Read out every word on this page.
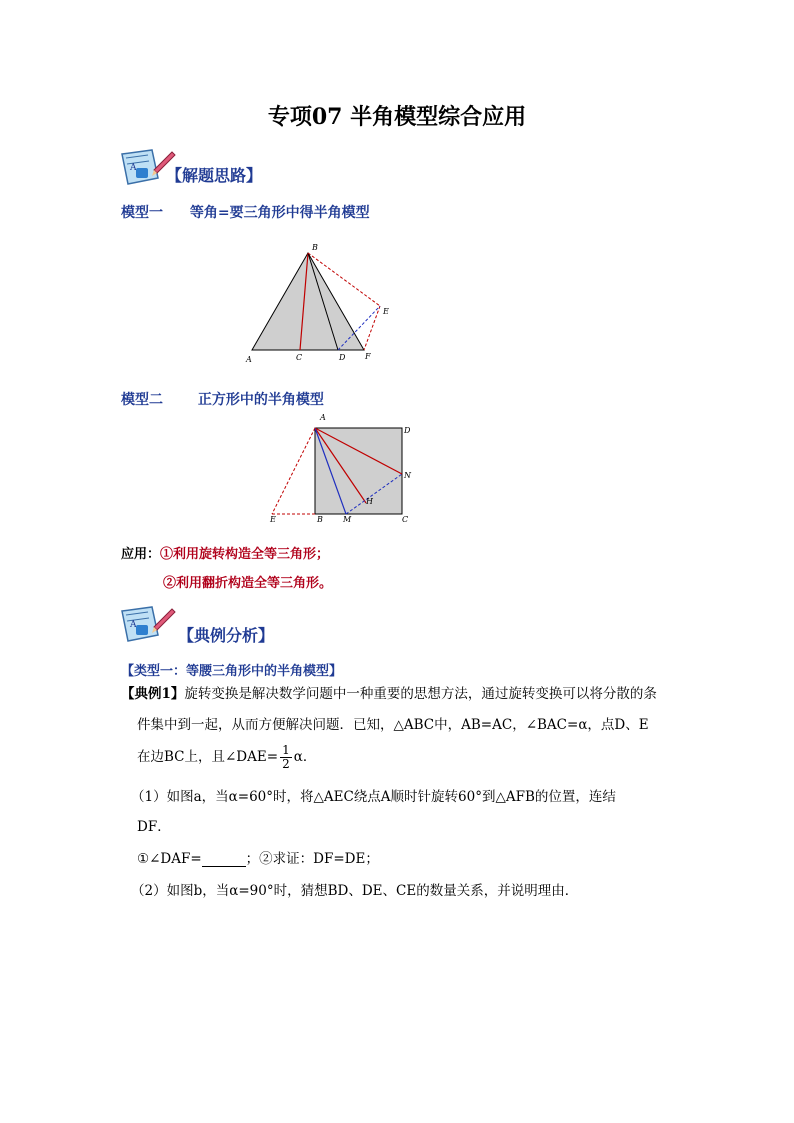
专项07 半角模型综合应用
A 【解题思路】
模型一 等角=要三角形中得半角模型
A
B
C	D
E
F
模型二 正方形中的半角模型
A
D
N
H
E	B	M	C
应用：①利用旋转构造全等三角形；
②利用翻折构造全等三角形。
A
【典例分析】
【类型一：等腰三角形中的半角模型】
【典例1】旋转变换是解决数学问题中一种重要的思想方法，通过旋转变换可以将分散的条
件集中到一起，从而方便解决问题．已知，△ABC中，AB=AC，∠BAC=α，点D、E
在边BC上，且∠DAE= $\frac{1}{2}$ α．
（1）如图a，当α=60°时，将△AEC绕点A顺时针旋转60°到△AFB的位置，连结
DF．
①∠DAF=	；②求证：DF=DE；
（2）如图b，当α=90°时，猜想BD、DE、CE的数量关系，并说明理由．
